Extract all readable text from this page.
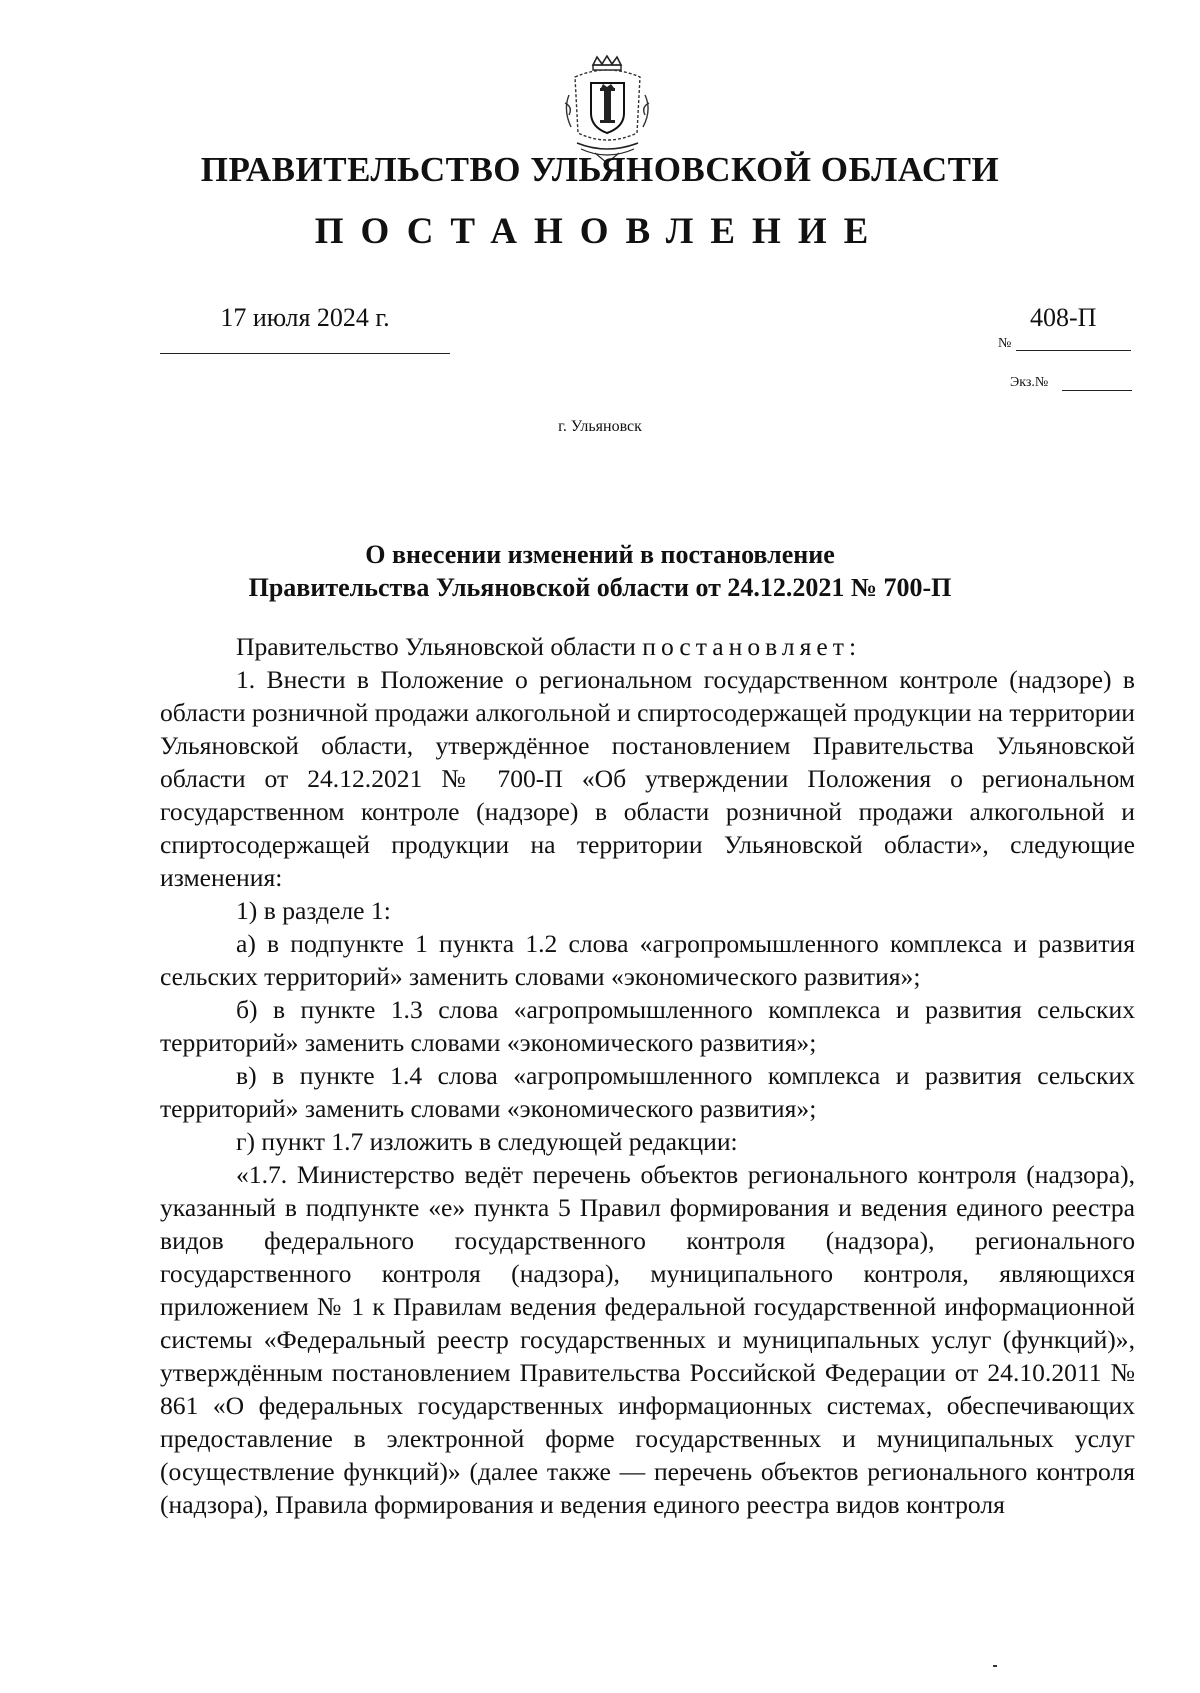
ПРАВИТЕЛЬСТВО УЛЬЯНОВСКОЙ ОБЛАСТИ
ПОСТАНОВЛЕНИЕ
17 июля 2024 г.	408-П
№
Экз.№
г. Ульяновск
О внесении изменений в постановление
Правительства Ульяновской области от 24.12.2021 № 700-П

Правительство Ульяновской области постановляет:

1. Внести в Положение о региональном государственном контроле (надзоре) в области розничной продажи алкогольной и спиртосодержащей продукции на территории Ульяновской области, утверждённое постановлением Правительства Ульяновской области от 24.12.2021 № 700-П «Об утверждении Положения о региональном государственном контроле (надзоре) в области розничной продажи алкогольной и спиртосодержащей продукции на территории Ульяновской области», следующие изменения:

1) в разделе 1:

а) в подпункте 1 пункта 1.2 слова «агропромышленного комплекса и развития сельских территорий» заменить словами «экономического развития»;

б) в пункте 1.3 слова «агропромышленного комплекса и развития сельских территорий» заменить словами «экономического развития»;

в) в пункте 1.4 слова «агропромышленного комплекса и развития сельских территорий» заменить словами «экономического развития»;

г) пункт 1.7 изложить в следующей редакции:

«1.7. Министерство ведёт перечень объектов регионального контроля (надзора), указанный в подпункте «е» пункта 5 Правил формирования и ведения единого реестра видов федерального государственного контроля (надзора), регионального государственного контроля (надзора), муниципального контроля, являющихся приложением № 1 к Правилам ведения федеральной государственной информационной системы «Федеральный реестр государственных и муниципальных услуг (функций)», утверждённым постановлением Правительства Российской Федерации от 24.10.2011 № 861 «О федеральных государственных информационных системах, обеспечивающих предоставление в электронной форме государственных и муниципальных услуг (осуществление функций)» (далее также — перечень объектов регионального контроля (надзора), Правила формирования и ведения единого реестра видов контроля
